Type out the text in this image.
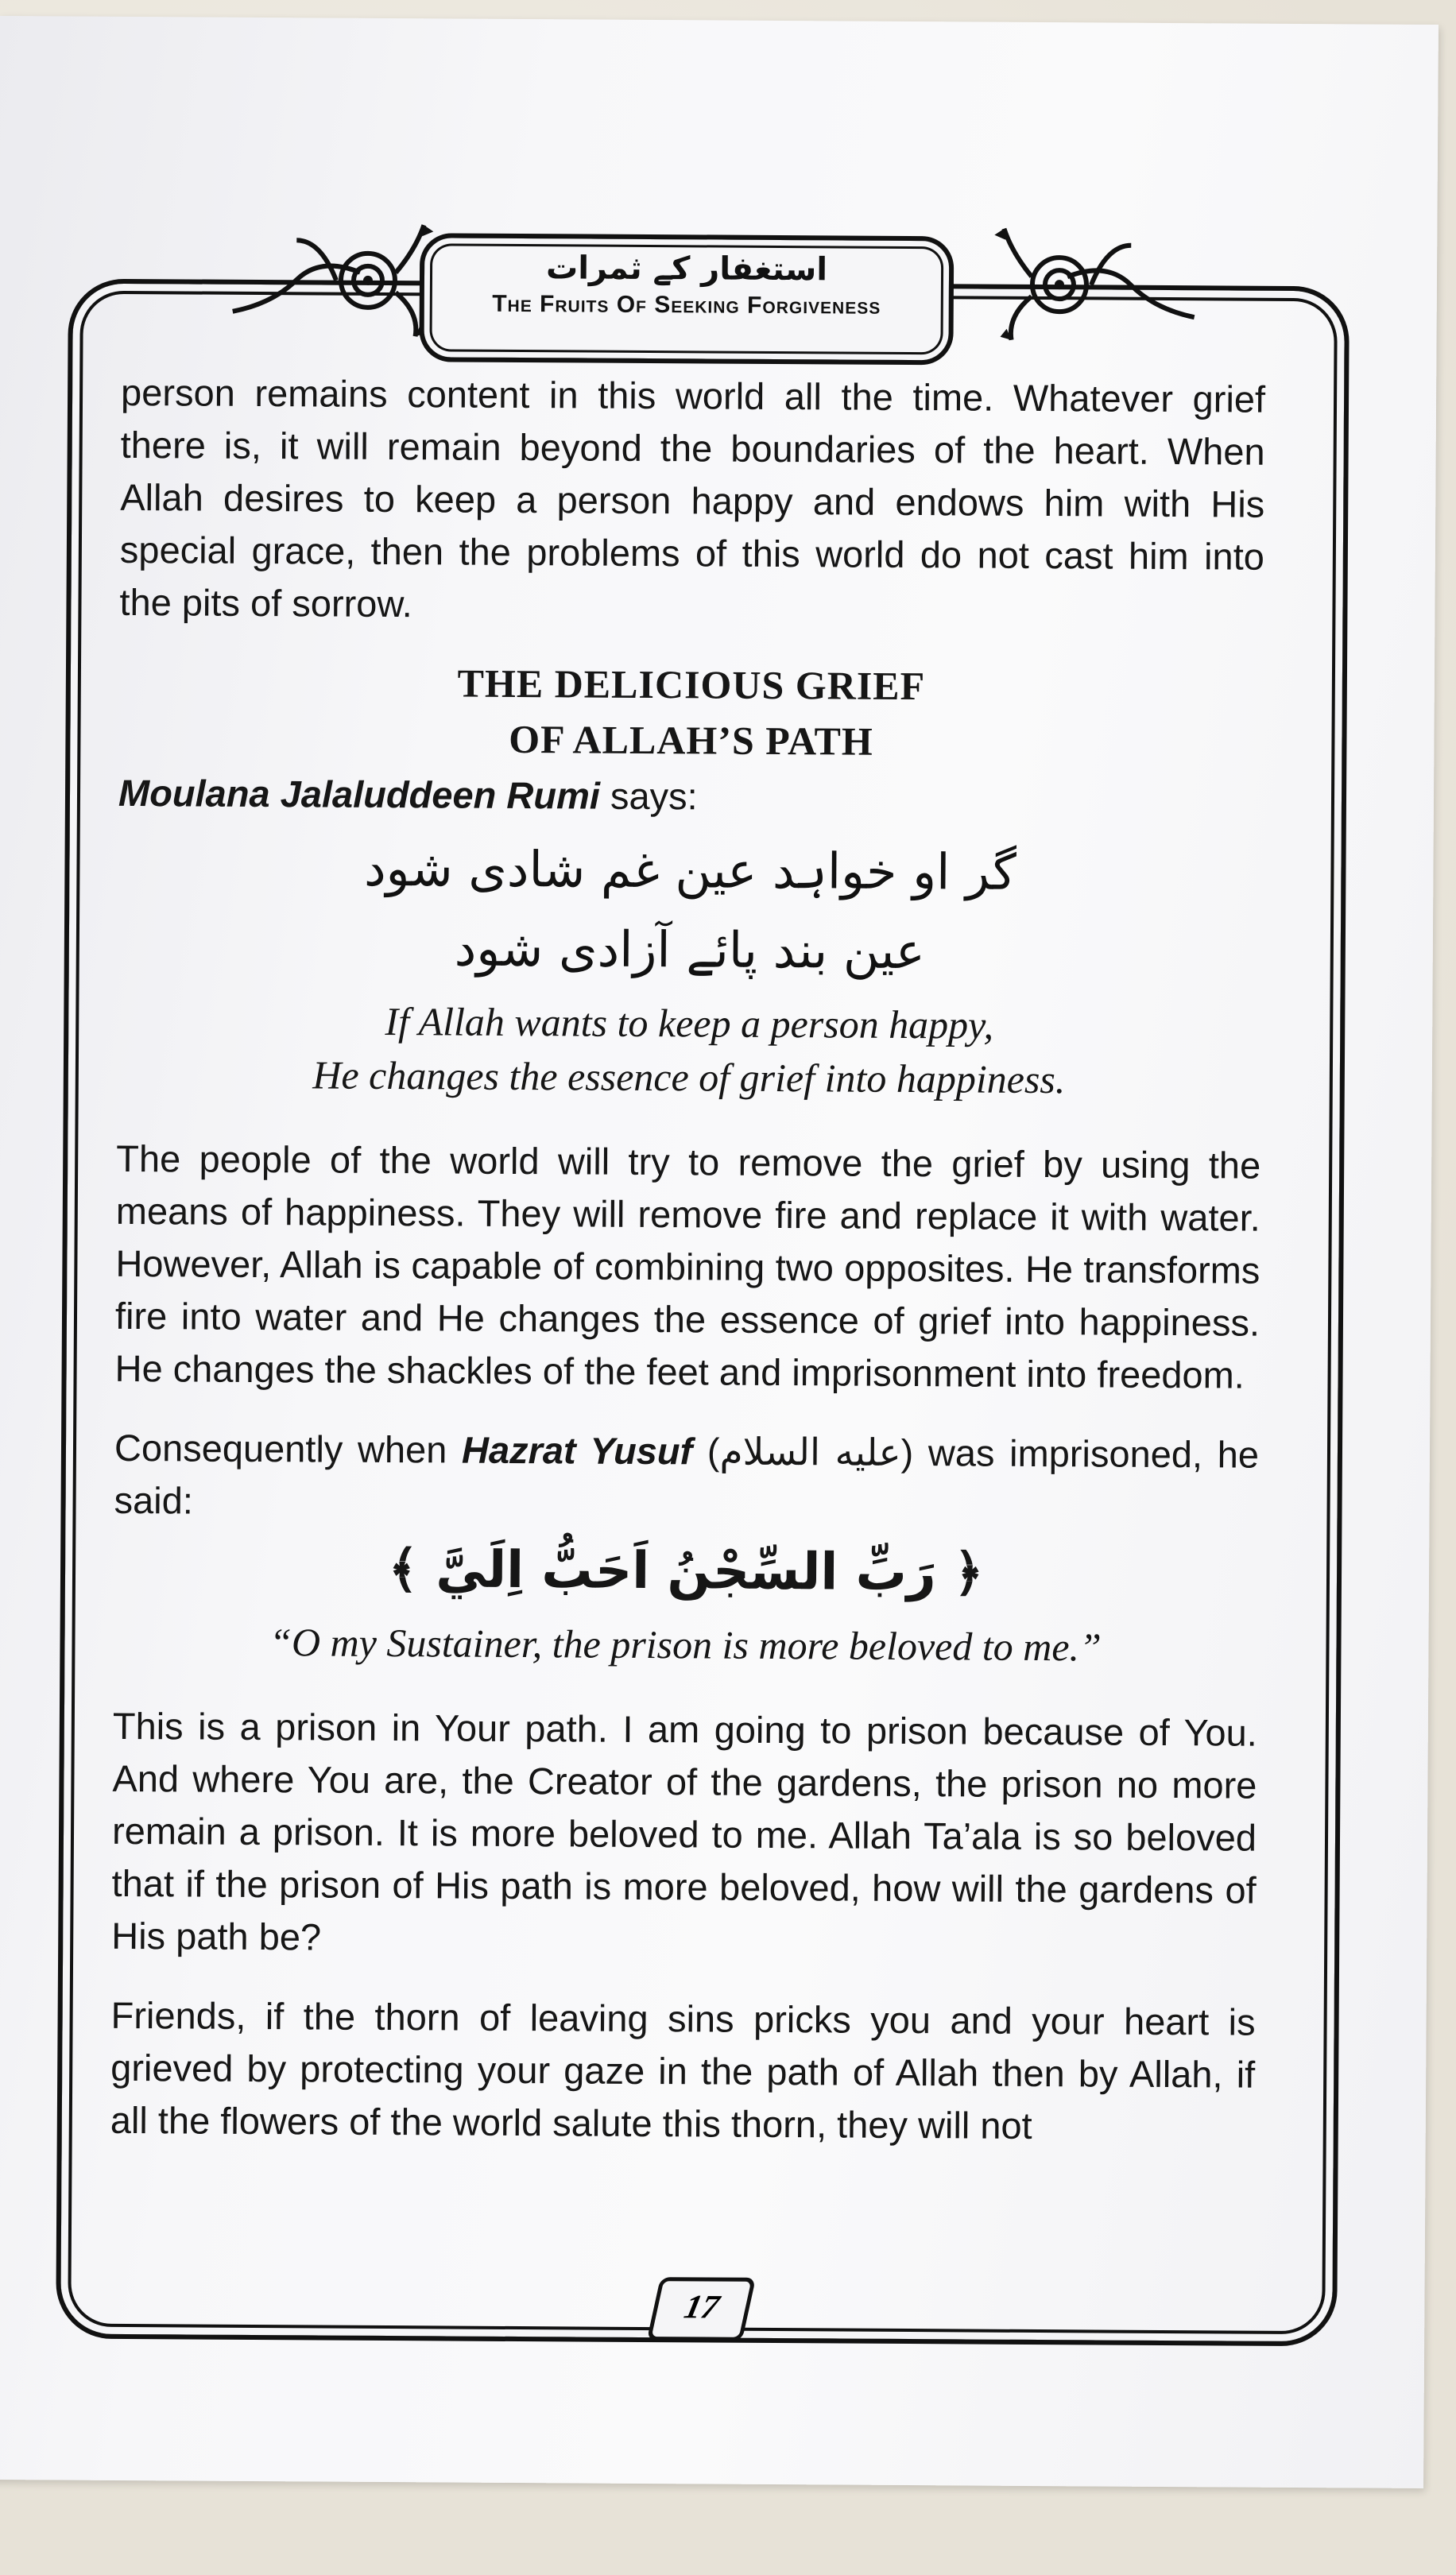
استغفار کے ثمرات
The Fruits Of Seeking Forgiveness

person remains content in this world all the time. Whatever grief there is, it will remain beyond the boundaries of the heart. When Allah desires to keep a person happy and endows him with His special grace, then the problems of this world do not cast him into the pits of sorrow.

THE DELICIOUS GRIEF
OF ALLAH’S PATH
Moulana Jalaluddeen Rumi says:
گر او خواہد عین غم شادی شود
عین بند پائے آزادی شود
If Allah wants to keep a person happy,
He changes the essence of grief into happiness.

The people of the world will try to remove the grief by using the means of happiness. They will remove fire and replace it with water. However, Allah is capable of combining two opposites. He transforms fire into water and He changes the essence of grief into happiness. He changes the shackles of the feet and imprisonment into freedom.

Consequently when Hazrat Yusuf (عليه السلام) was imprisoned, he said:

﴿ رَبِّ السِّجْنُ اَحَبُّ اِلَيَّ ﴾
“O my Sustainer, the prison is more beloved to me.”

This is a prison in Your path. I am going to prison because of You. And where You are, the Creator of the gardens, the prison no more remain a prison. It is more beloved to me. Allah Ta’ala is so beloved that if the prison of His path is more beloved, how will the gardens of His path be?

Friends, if the thorn of leaving sins pricks you and your heart is grieved by protecting your gaze in the path of Allah then by Allah, if all the flowers of the world salute this thorn, they will not

17
